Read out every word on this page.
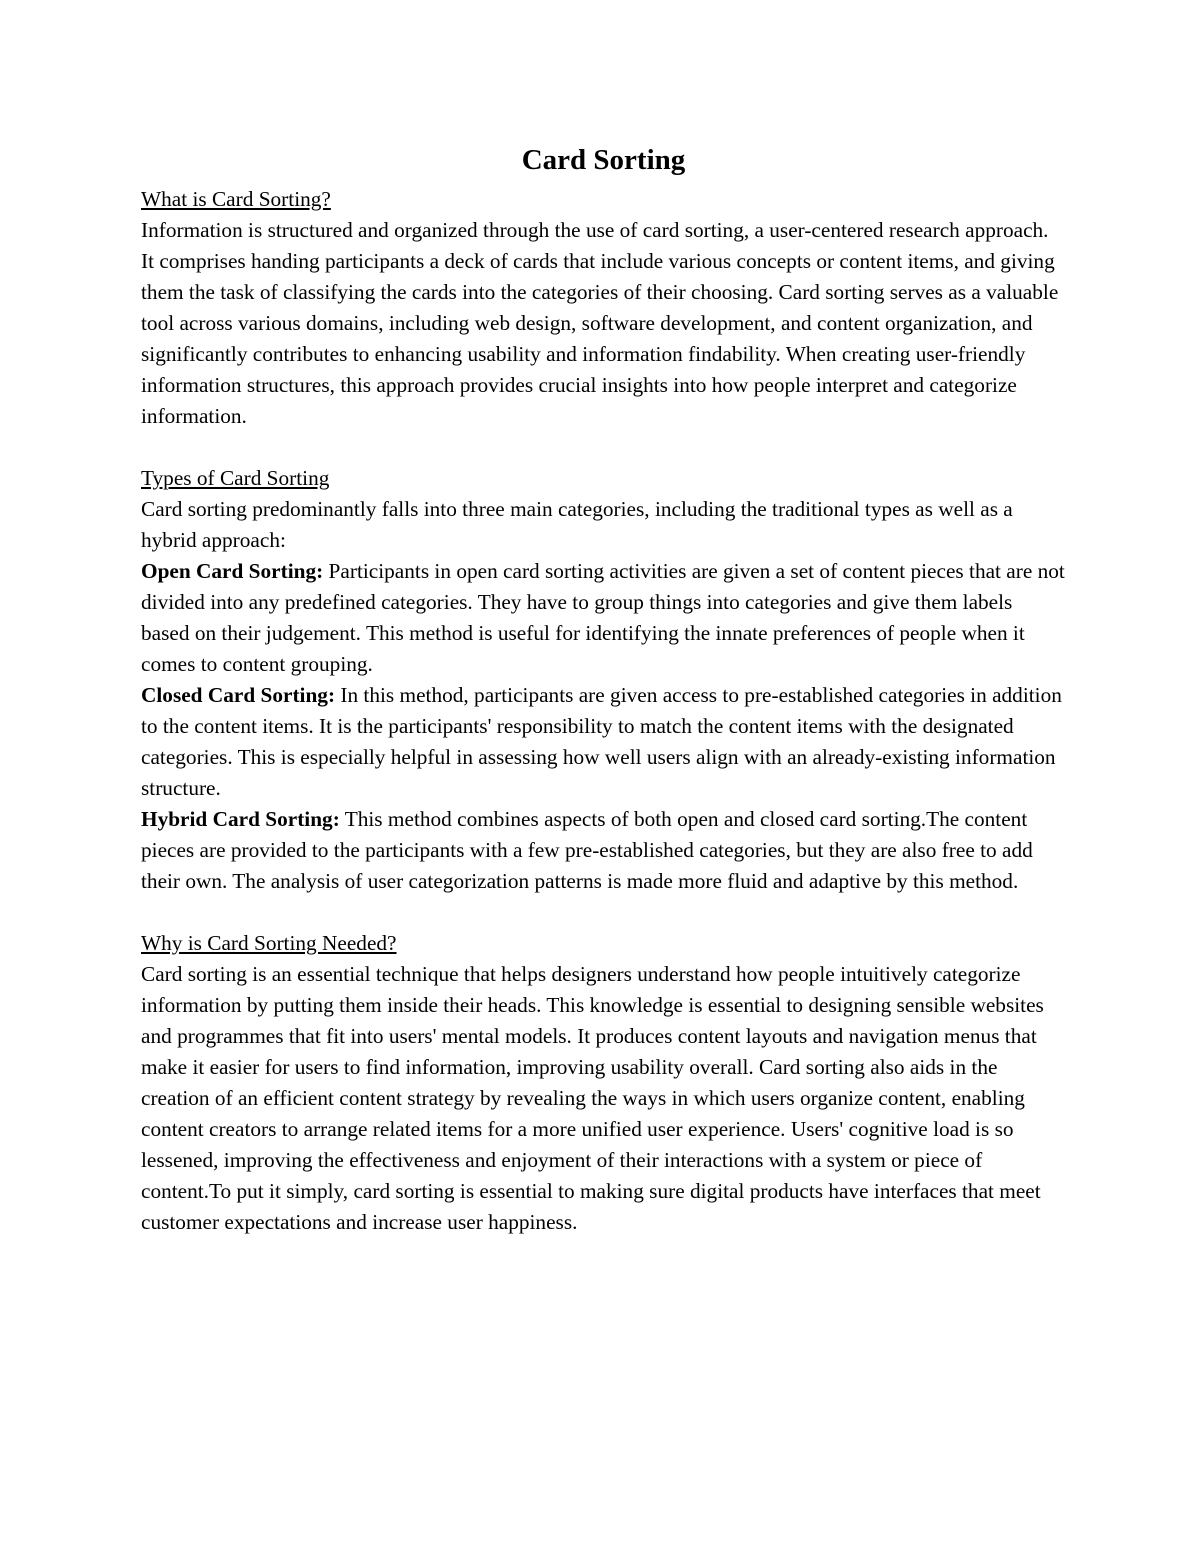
Card Sorting

What is Card Sorting?

Information is structured and organized through the use of card sorting, a user-centered research approach. It comprises handing participants a deck of cards that include various concepts or content items, and giving them the task of classifying the cards into the categories of their choosing. Card sorting serves as a valuable tool across various domains, including web design, software development, and content organization, and significantly contributes to enhancing usability and information findability. When creating user-friendly information structures, this approach provides crucial insights into how people interpret and categorize information.

Types of Card Sorting

Card sorting predominantly falls into three main categories, including the traditional types as well as a hybrid approach:

Open Card Sorting: Participants in open card sorting activities are given a set of content pieces that are not divided into any predefined categories. They have to group things into categories and give them labels based on their judgement. This method is useful for identifying the innate preferences of people when it comes to content grouping.

Closed Card Sorting: In this method, participants are given access to pre-established categories in addition to the content items. It is the participants' responsibility to match the content items with the designated categories. This is especially helpful in assessing how well users align with an already-existing information structure.

Hybrid Card Sorting: This method combines aspects of both open and closed card sorting.The content pieces are provided to the participants with a few pre-established categories, but they are also free to add their own. The analysis of user categorization patterns is made more fluid and adaptive by this method.

Why is Card Sorting Needed?

Card sorting is an essential technique that helps designers understand how people intuitively categorize information by putting them inside their heads. This knowledge is essential to designing sensible websites and programmes that fit into users' mental models. It produces content layouts and navigation menus that make it easier for users to find information, improving usability overall. Card sorting also aids in the creation of an efficient content strategy by revealing the ways in which users organize content, enabling content creators to arrange related items for a more unified user experience. Users' cognitive load is so lessened, improving the effectiveness and enjoyment of their interactions with a system or piece of content.To put it simply, card sorting is essential to making sure digital products have interfaces that meet customer expectations and increase user happiness.
